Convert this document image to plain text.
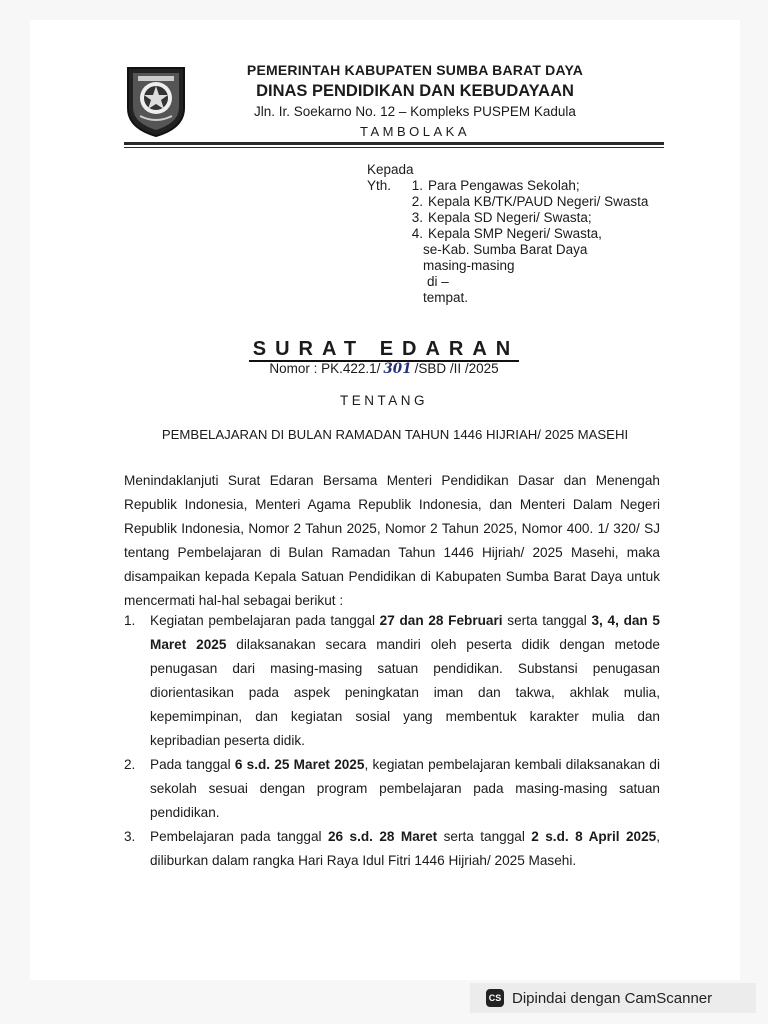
PEMERINTAH KABUPATEN SUMBA BARAT DAYA
DINAS PENDIDIKAN DAN KEBUDAYAAN
Jln. Ir. Soekarno No. 12 – Kompleks PUSPEM Kadula
TAMBOLAKA
Kepada
Yth.	1. Para Pengawas Sekolah;
2. Kepala KB/TK/PAUD Negeri/ Swasta
3. Kepala SD Negeri/ Swasta;
4. Kepala SMP Negeri/ Swasta,
se-Kab. Sumba Barat Daya
masing-masing
di –
tempat.
SURAT EDARAN
Nomor : PK.422.1/ 301 /SBD /II /2025
TENTANG
PEMBELAJARAN DI BULAN RAMADAN TAHUN 1446 HIJRIAH/ 2025 MASEHI

Menindaklanjuti Surat Edaran Bersama Menteri Pendidikan Dasar dan Menengah Republik Indonesia, Menteri Agama Republik Indonesia, dan Menteri Dalam Negeri Republik Indonesia, Nomor 2 Tahun 2025, Nomor 2 Tahun 2025, Nomor 400. 1/ 320/ SJ tentang Pembelajaran di Bulan Ramadan Tahun 1446 Hijriah/ 2025 Masehi, maka disampaikan kepada Kepala Satuan Pendidikan di Kabupaten Sumba Barat Daya untuk mencermati hal-hal sebagai berikut :

1.	Kegiatan pembelajaran pada tanggal 27 dan 28 Februari serta tanggal 3, 4, dan 5 Maret 2025 dilaksanakan secara mandiri oleh peserta didik dengan metode penugasan dari masing-masing satuan pendidikan. Substansi penugasan diorientasikan pada aspek peningkatan iman dan takwa, akhlak mulia, kepemimpinan, dan kegiatan sosial yang membentuk karakter mulia dan kepribadian peserta didik.
2.	Pada tanggal 6 s.d. 25 Maret 2025, kegiatan pembelajaran kembali dilaksanakan di sekolah sesuai dengan program pembelajaran pada masing-masing satuan pendidikan.
3.	Pembelajaran pada tanggal 26 s.d. 28 Maret serta tanggal 2 s.d. 8 April 2025, diliburkan dalam rangka Hari Raya Idul Fitri 1446 Hijriah/ 2025 Masehi.
CS Dipindai dengan CamScanner
